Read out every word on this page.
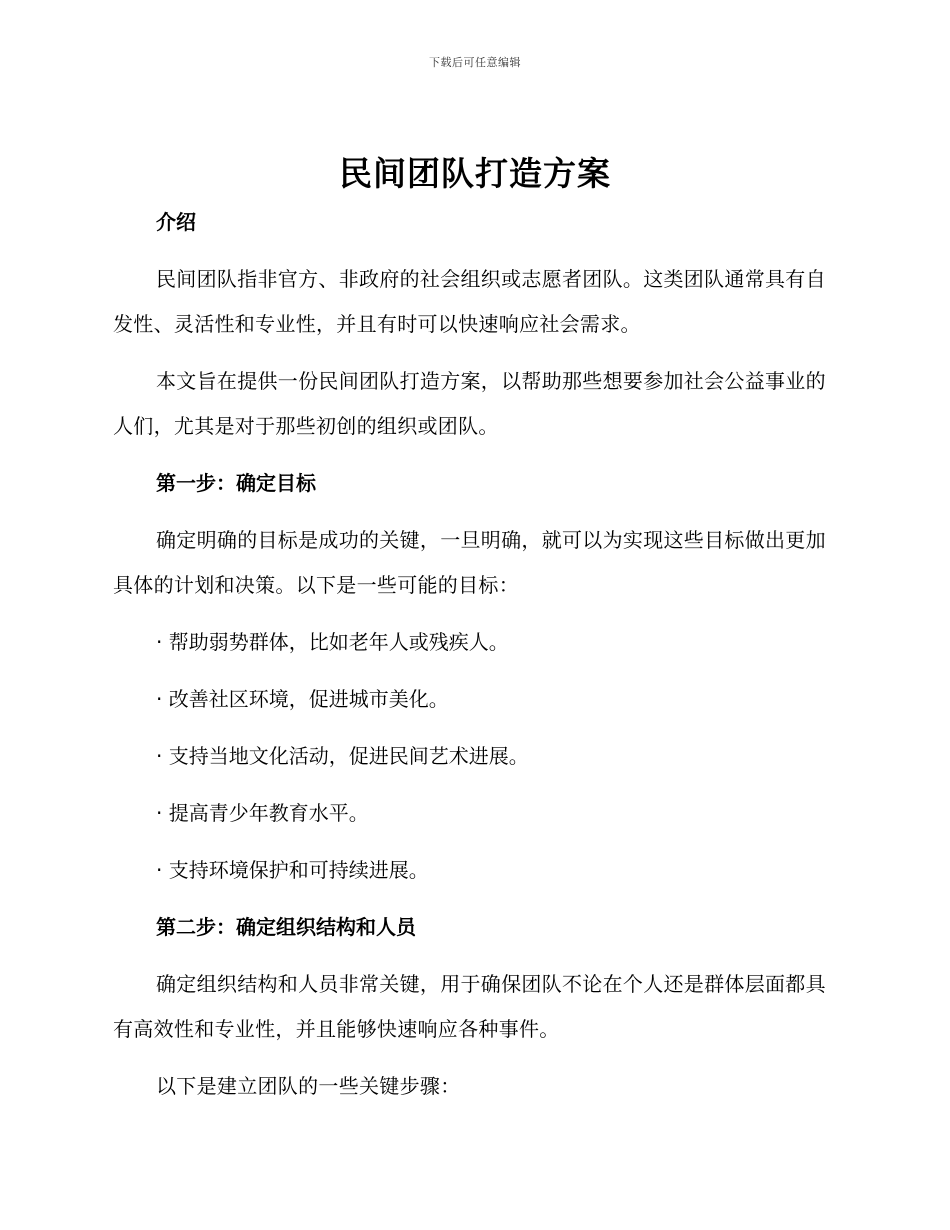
下载后可任意编辑
民间团队打造方案
介绍

民间团队指非官方、非政府的社会组织或志愿者团队。这类团队通常具有自发性、灵活性和专业性，并且有时可以快速响应社会需求。

本文旨在提供一份民间团队打造方案，以帮助那些想要参加社会公益事业的人们，尤其是对于那些初创的组织或团队。

第一步：确定目标

确定明确的目标是成功的关键，一旦明确，就可以为实现这些目标做出更加具体的计划和决策。以下是一些可能的目标：

· 帮助弱势群体，比如老年人或残疾人。

· 改善社区环境，促进城市美化。

· 支持当地文化活动，促进民间艺术进展。

· 提高青少年教育水平。

· 支持环境保护和可持续进展。

第二步：确定组织结构和人员

确定组织结构和人员非常关键，用于确保团队不论在个人还是群体层面都具有高效性和专业性，并且能够快速响应各种事件。

以下是建立团队的一些关键步骤：
